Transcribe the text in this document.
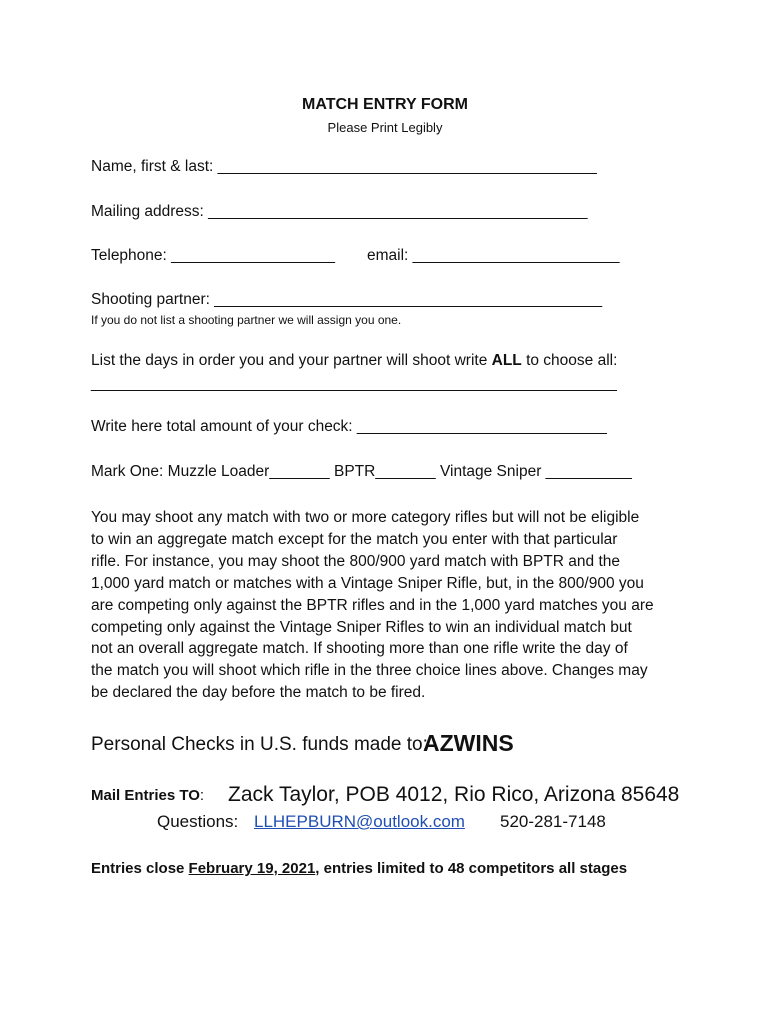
MATCH ENTRY FORM
Please Print Legibly
Name, first & last: ____________________________________________
Mailing address: ____________________________________________
Telephone: ___________________ email: ________________________
Shooting partner: _____________________________________________
If you do not list a shooting partner we will assign you one.
List the days in order you and your partner will shoot write ALL to choose all:
_____________________________________________________________
Write here total amount of your check: _____________________________
Mark One: Muzzle Loader_______ BPTR_______ Vintage Sniper __________
You may shoot any match with two or more category rifles but will not be eligible
to win an aggregate match except for the match you enter with that particular
rifle. For instance, you may shoot the 800/900 yard match with BPTR and the
1,000 yard match or matches with a Vintage Sniper Rifle, but, in the 800/900 you
are competing only against the BPTR rifles and in the 1,000 yard matches you are
competing only against the Vintage Sniper Rifles to win an individual match but
not an overall aggregate match. If shooting more than one rifle write the day of
the match you will shoot which rifle in the three choice lines above. Changes may
be declared the day before the match to be fired.
Personal Checks in U.S. funds made to:
AZWINS
Mail Entries TO: Zack Taylor, POB 4012, Rio Rico, Arizona 85648
Questions: LLHEPBURN@outlook.com 520-281-7148
Entries close February 19, 2021, entries limited to 48 competitors all stages
